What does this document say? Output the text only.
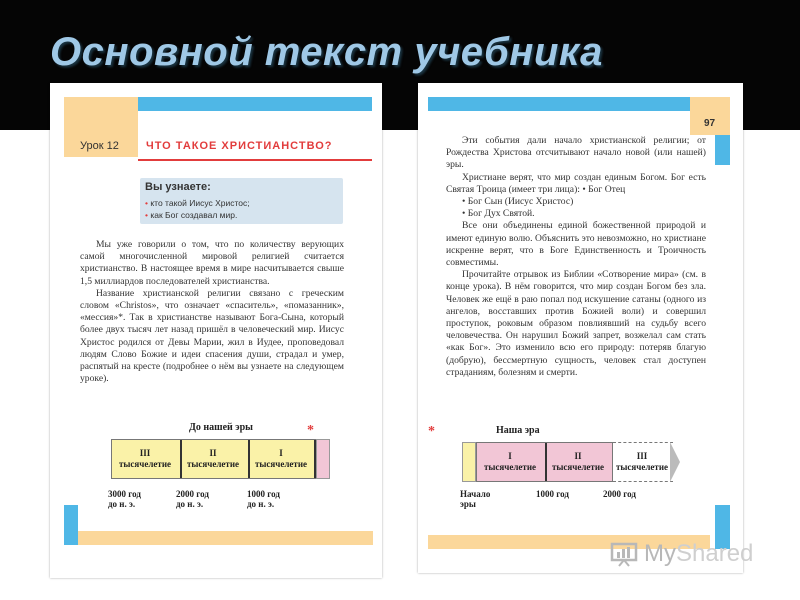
Основной текст учебника
Урок 12 ЧТО ТАКОЕ ХРИСТИАНСТВО?
Вы узнаете:
• кто такой Иисус Христос;
• как Бог создавал мир.

Мы уже говорили о том, что по количеству верующих самой многочисленной мировой религией считается христианство. В настоящее время в мире насчитывается свыше 1,5 миллиардов последователей христианства.

Название христианской религии связано с греческим словом «Christos», что означает «спаситель», «помазанник», «мессия»*. Так в христианстве называют Бога-Сына, который более двух тысяч лет назад пришёл в человеческий мир. Иисус Христос родился от Девы Марии, жил в Иудее, проповедовал людям Слово Божие и идеи спасения души, страдал и умер, распятый на кресте (подробнее о нём вы узнаете на следующем уроке).

До нашей эры	*
III
тысячелетие
II
тысячелетие
I
тысячелетие
3000 год
до н. э.
2000 год
до н. э.
1000 год
до н. э.
97

Эти события дали начало христианской религии; от Рождества Христова отсчитывают начало новой (или нашей) эры.

Христиане верят, что мир создан единым Богом. Бог есть Святая Троица (имеет три лица): • Бог Отец

• Бог Сын (Иисус Христос)

• Бог Дух Святой.

Все они объединены единой божественной природой и имеют единую волю. Объяснить это невозможно, но христиане искренне верят, что в Боге Единственность и Троичность совместимы.

Прочитайте отрывок из Библии «Сотворение мира» (см. в конце урока). В нём говорится, что мир создан Богом без зла. Человек же ещё в раю попал под искушение сатаны (одного из ангелов, восставших против Божией воли) и совершил проступок, роковым образом повлиявший на судьбу всего человечества. Он нарушил Божий запрет, возжелал сам стать «как Бог». Это изменило всю его природу: потеряв благую (добрую), бессмертную сущность, человек стал доступен страданиям, болезням и смерти.

*	Наша эра
I
тысячелетие
II
тысячелетие
III
тысячелетие
Начало
эры
1000 год	2000 год
MyShared
